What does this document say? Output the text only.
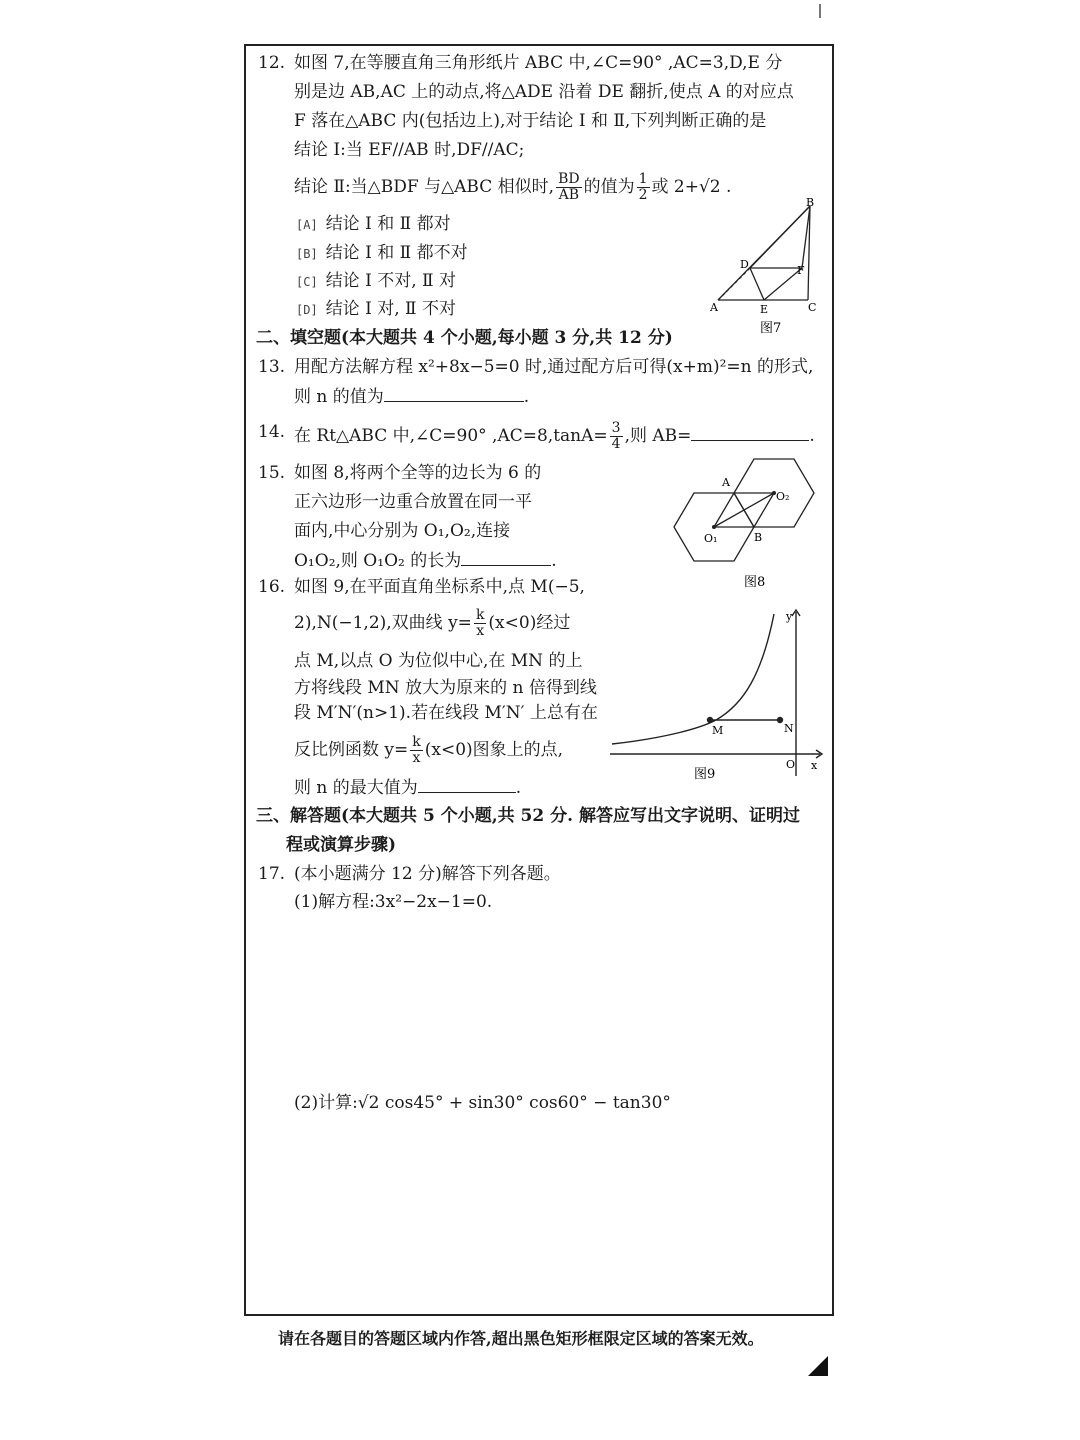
12. 如图 7,在等腰直角三角形纸片 ABC 中,∠C=90° ,AC=3,D,E 分
别是边 AB,AC 上的动点,将△ADE 沿着 DE 翻折,使点 A 的对应点
F 落在△ABC 内(包括边上),对于结论 Ⅰ 和 Ⅱ,下列判断正确的是
结论 Ⅰ:当 EF//AB 时,DF//AC;
结论 Ⅱ:当△BDF 与△ABC 相似时, $\frac{BD}{AB}$ 的值为 $\frac{1}{2}$ 或 2+√2 .
[A] 结论 Ⅰ 和 Ⅱ 都对
[B] 结论 Ⅰ 和 Ⅱ 都不对
[C] 结论 Ⅰ 不对, Ⅱ 对
[D] 结论 Ⅰ 对, Ⅱ 不对
B
D	F
A	E	C
图7
二、填空题(本大题共 4 个小题,每小题 3 分,共 12 分)
13. 用配方法解方程 x²+8x−5=0 时,通过配方后可得(x+m)²=n 的形式,
则 n 的值为	.
14. 在 Rt△ABC 中,∠C=90° $,AC=8,\tan A= \frac{3}{4}$ ,则 AB=	.
15. 如图 8,将两个全等的边长为 6 的
正六边形一边重合放置在同一平
面内,中心分别为 O₁,O₂,连接
O₁O₂,则 O₁O₂ 的长为	.
A
O₂
O₁	B
图8
16. 如图 9,在平面直角坐标系中,点 M(−5,
2),N(−1,2),双曲线 $y= \frac{k}{x} (x<0)$经过
点 M,以点 O 为位似中心,在 MN 的上
方将线段 MN 放大为原来的 n 倍得到线
段 M′N′(n>1).若在线段 M′N′ 上总有在
反比例函数 $y= \frac{k}{x} (x<0)$图象上的点,
则 n 的最大值为	.
M	N
O x
y
图9
三、解答题(本大题共 5 个小题,共 52 分. 解答应写出文字说明、证明过
程或演算步骤)
17. (本小题满分 12 分)解答下列各题。
(1)解方程:3x²−2x−1=0.
(2)计算:√2 cos45° + sin30° cos60° − tan30°
请在各题目的答题区域内作答,超出黑色矩形框限定区域的答案无效。
